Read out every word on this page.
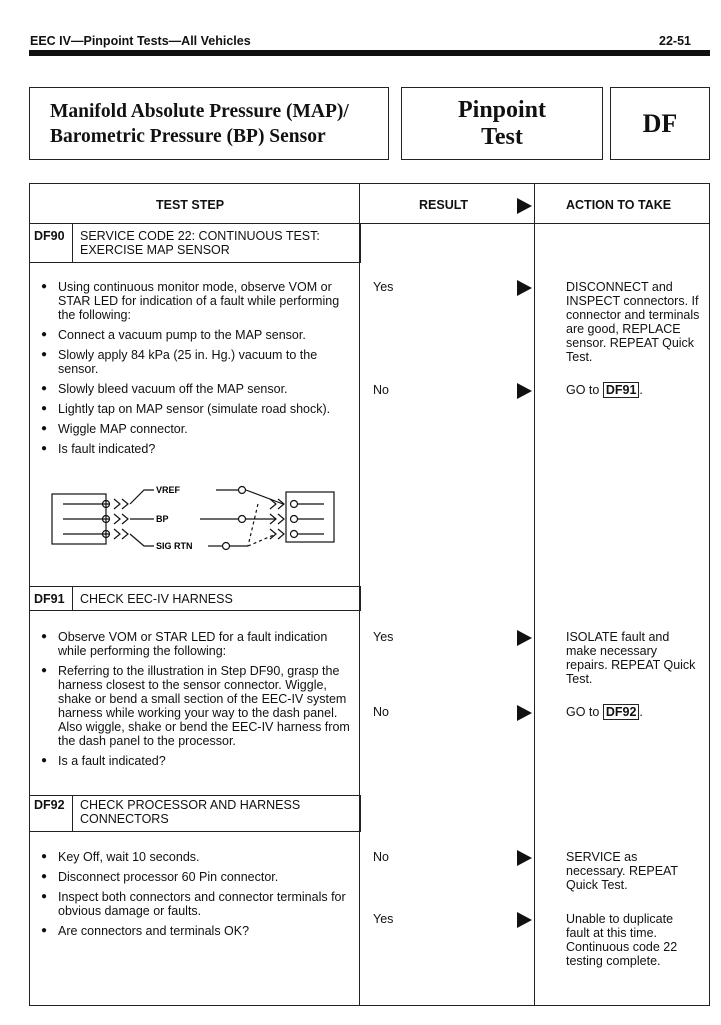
EEC IV—Pinpoint Tests—All Vehicles	22-51
Manifold Absolute Pressure (MAP)/
Barometric Pressure (BP) Sensor
Pinpoint
Test	DF
TEST STEP	RESULT	ACTION TO TAKE
DF90 SERVICE CODE 22: CONTINUOUS TEST:
EXERCISE MAP SENSOR
● Using continuous monitor mode, observe VOM or STAR LED for indication of a fault while performing the following:
● Connect a vacuum pump to the MAP sensor.
● Slowly apply 84 kPa (25 in. Hg.) vacuum to the sensor.
● Slowly bleed vacuum off the MAP sensor.
● Lightly tap on MAP sensor (simulate road shock).
● Wiggle MAP connector.
● Is fault indicated?
VREF
BP
SIG RTN
Yes	DISCONNECT and INSPECT connectors. If connector and terminals are good, REPLACE sensor. REPEAT Quick Test.
No	GO to DF91 .
DF91 CHECK EEC-IV HARNESS
● Observe VOM or STAR LED for a fault indication while performing the following:
● Referring to the illustration in Step DF90, grasp the harness closest to the sensor connector. Wiggle, shake or bend a small section of the EEC-IV system harness while working your way to the dash panel. Also wiggle, shake or bend the EEC-IV harness from the dash panel to the processor.
● Is a fault indicated?
Yes	ISOLATE fault and make necessary repairs. REPEAT Quick Test.
No	GO to DF92 .
DF92 CHECK PROCESSOR AND HARNESS
CONNECTORS
● Key Off, wait 10 seconds.
● Disconnect processor 60 Pin connector.
● Inspect both connectors and connector terminals for obvious damage or faults.
● Are connectors and terminals OK?
No	SERVICE as necessary. REPEAT Quick Test.
Yes	Unable to duplicate fault at this time. Continuous code 22 testing complete.
